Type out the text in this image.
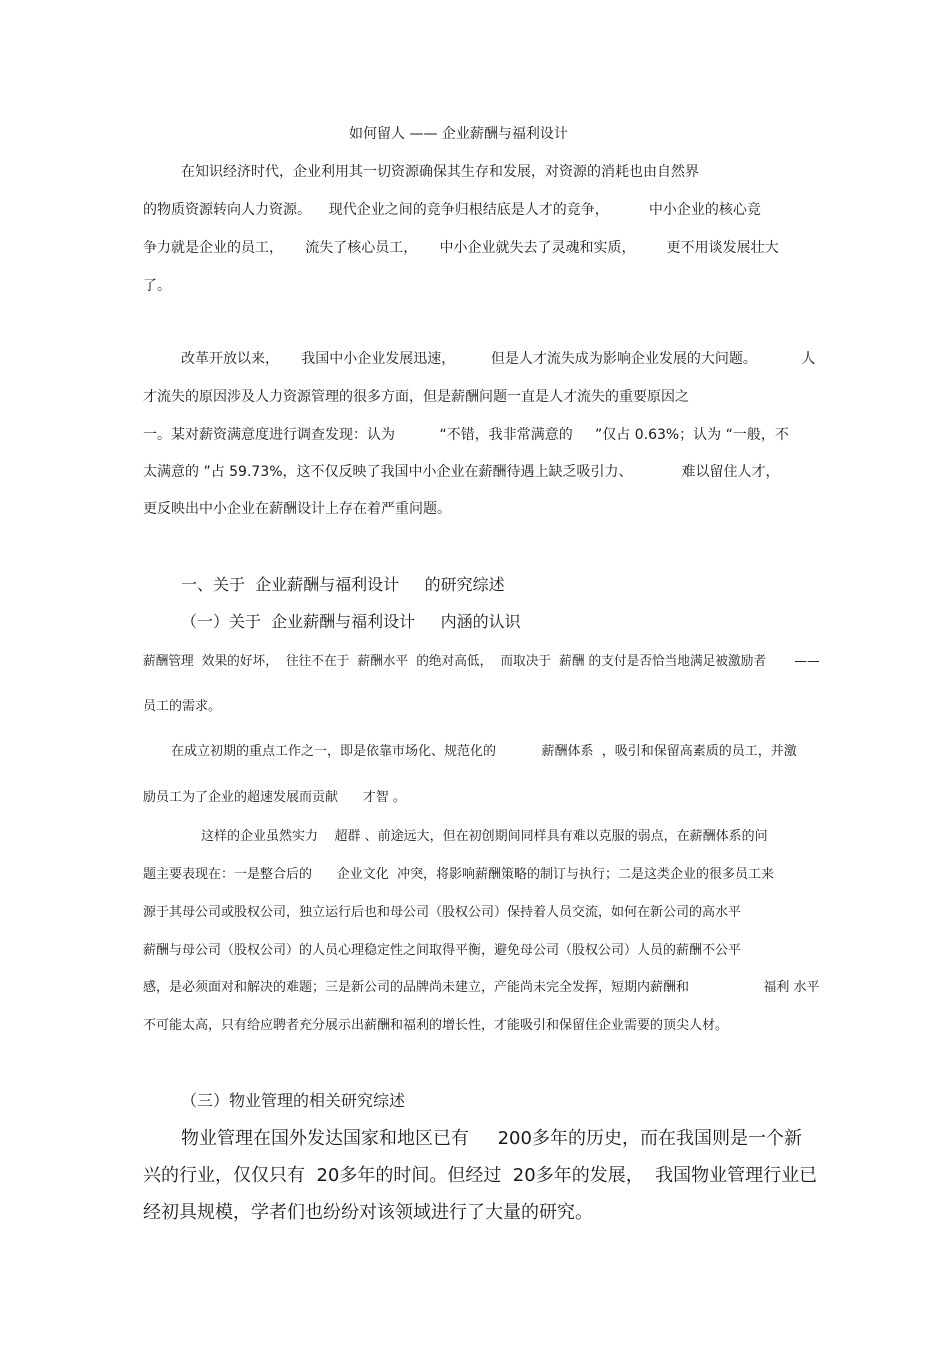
如何留人 —— 企业薪酬与福利设计
在知识经济时代，企业利用其一切资源确保其生存和发展，对资源的消耗也由自然界
的物质资源转向人力资源。    现代企业之间的竞争归根结底是人才的竞争，         中小企业的核心竞
争力就是企业的员工，     流失了核心员工，     中小企业就失去了灵魂和实质，       更不用谈发展壮大
了。
改革开放以来，     我国中小企业发展迅速，        但是人才流失成为影响企业发展的大问题。          人
才流失的原因涉及人力资源管理的很多方面，但是薪酬问题一直是人才流失的重要原因之
一。某对薪资满意度进行调查发现：认为          “不错，我非常满意的     ”仅占 0.63%；认为 “一般，不
太满意的 ”占 59.73%，这不仅反映了我国中小企业在薪酬待遇上缺乏吸引力、           难以留住人才，
更反映出中小企业在薪酬设计上存在着严重问题。
一、关于  企业薪酬与福利设计     的研究综述
（一）关于  企业薪酬与福利设计     内涵的认识
薪酬管理  效果的好坏，  往往不在于  薪酬水平  的绝对高低，  而取决于  薪酬 的支付是否恰当地满足被激励者       ——
员工的需求。
在成立初期的重点工作之一，即是依靠市场化、规范化的           薪酬体系  ，吸引和保留高素质的员工，并激
励员工为了企业的超速发展而贡献      才智 。
这样的企业虽然实力    超群 、前途远大，但在初创期间同样具有难以克服的弱点，在薪酬体系的问
题主要表现在：一是整合后的      企业文化  冲突，将影响薪酬策略的制订与执行；二是这类企业的很多员工来
源于其母公司或股权公司，独立运行后也和母公司（股权公司）保持着人员交流，如何在新公司的高水平
薪酬与母公司（股权公司）的人员心理稳定性之间取得平衡，避免母公司（股权公司）人员的薪酬不公平
感，是必须面对和解决的难题；三是新公司的品牌尚未建立，产能尚未完全发挥，短期内薪酬和                  福利 水平
不可能太高，只有给应聘者充分展示出薪酬和福利的增长性，才能吸引和保留住企业需要的顶尖人材。
（三）物业管理的相关研究综述
物业管理在国外发达国家和地区已有     200多年的历史，而在我国则是一个新
兴的行业，仅仅只有  20多年的时间。但经过  20多年的发展，  我国物业管理行业已
经初具规模，学者们也纷纷对该领域进行了大量的研究。
